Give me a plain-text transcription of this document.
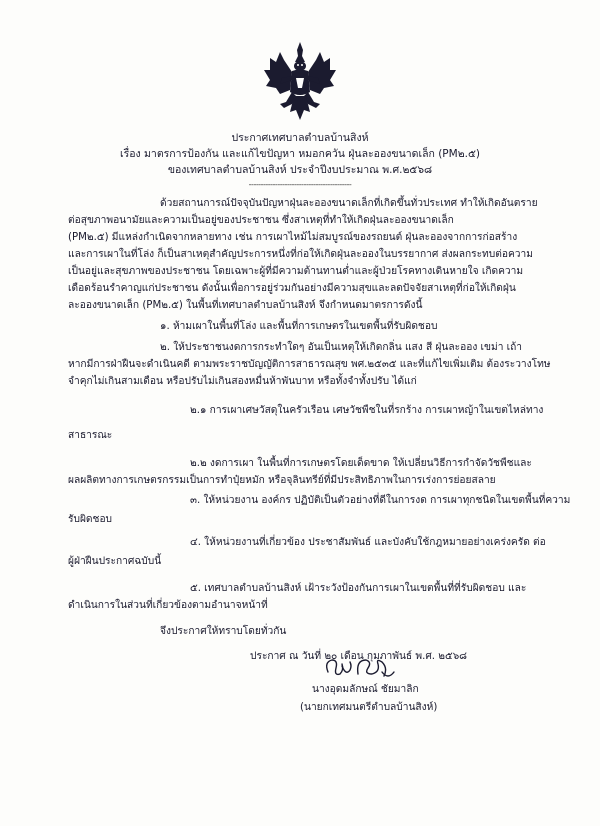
ประกาศเทศบาลตำบลบ้านสิงห์
เรื่อง มาตรการป้องกัน และแก้ไขปัญหา หมอกควัน ฝุ่นละอองขนาดเล็ก (PM๒.๕)
ของเทศบาลตำบลบ้านสิงห์ ประจำปีงบประมาณ พ.ศ.๒๕๖๘
-------------------------------------------
ด้วยสถานการณ์ปัจจุบันปัญหาฝุ่นละอองขนาดเล็กที่เกิดขึ้นทั่วประเทศ ทำให้เกิดอันตราย
ต่อสุขภาพอนามัยและความเป็นอยู่ของประชาชน ซึ่งสาเหตุที่ทำให้เกิดฝุ่นละอองขนาดเล็ก
(PM๒.๕) มีแหล่งกำเนิดจากหลายทาง เช่น การเผาไหม้ไม่สมบูรณ์ของรถยนต์ ฝุ่นละอองจากการก่อสร้าง
และการเผาในที่โล่ง ก็เป็นสาเหตุสำคัญประการหนึ่งที่ก่อให้เกิดฝุ่นละอองในบรรยากาศ ส่งผลกระทบต่อความ
เป็นอยู่และสุขภาพของประชาชน โดยเฉพาะผู้ที่มีความต้านทานต่ำและผู้ป่วยโรคทางเดินหายใจ เกิดความ
เดือดร้อนรำคาญแก่ประชาชน ดังนั้นเพื่อการอยู่ร่วมกันอย่างมีความสุขและลดปัจจัยสาเหตุที่ก่อให้เกิดฝุ่น
ละอองขนาดเล็ก (PM๒.๕) ในพื้นที่เทศบาลตำบลบ้านสิงห์ จึงกำหนดมาตรการดังนี้
๑. ห้ามเผาในพื้นที่โล่ง และพื้นที่การเกษตรในเขตพื้นที่รับผิดชอบ
๒. ให้ประชาชนงดการกระทำใดๆ อันเป็นเหตุให้เกิดกลิ่น แสง สี ฝุ่นละออง เขม่า เถ้า
หากมีการฝ่าฝืนจะดำเนินคดี ตามพระราชบัญญัติการสาธารณสุข พศ.๒๕๓๕ และที่แก้ไขเพิ่มเติม ต้องระวางโทษ
จำคุกไม่เกินสามเดือน หรือปรับไม่เกินสองหมื่นห้าพันบาท หรือทั้งจำทั้งปรับ ได้แก่
๒.๑ การเผาเศษวัสดุในครัวเรือน เศษวัชพืชในที่รกร้าง การเผาหญ้าในเขตไหล่ทาง
สาธารณะ
๒.๒ งดการเผา ในพื้นที่การเกษตรโดยเด็ดขาด ให้เปลี่ยนวิธีการกำจัดวัชพืชและ
ผลผลิตทางการเกษตรกรรมเป็นการทำปุ๋ยหมัก หรือจุลินทรีย์ที่มีประสิทธิภาพในการเร่งการย่อยสลาย
๓. ให้หน่วยงาน องค์กร ปฏิบัติเป็นตัวอย่างที่ดีในการงด การเผาทุกชนิดในเขตพื้นที่ความ
รับผิดชอบ
๔. ให้หน่วยงานที่เกี่ยวข้อง ประชาสัมพันธ์ และบังคับใช้กฎหมายอย่างเคร่งครัด ต่อ
ผู้ฝ่าฝืนประกาศฉบับนี้
๕. เทศบาลตำบลบ้านสิงห์ เฝ้าระวังป้องกันการเผาในเขตพื้นที่ที่รับผิดชอบ และ
ดำเนินการในส่วนที่เกี่ยวข้องตามอำนาจหน้าที่
จึงประกาศให้ทราบโดยทั่วกัน
ประกาศ ณ วันที่ ๒๐ เดือน กุมภาพันธ์ พ.ศ. ๒๕๖๘
นางอุดมลักษณ์ ชัยมาลิก
(นายกเทศมนตรีตำบลบ้านสิงห์)
